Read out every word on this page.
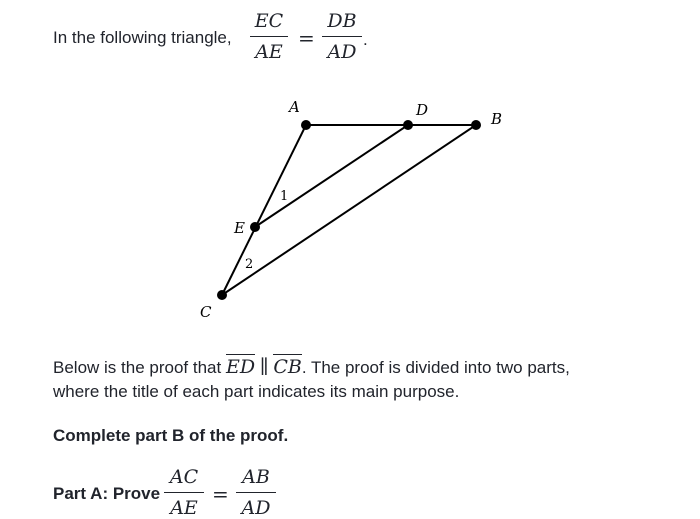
In the following triangle,
EC
AE
=
DB
AD
.
A	D	B
E
C
1
2
Below is the proof that ED ∥ CB. The proof is divided into two parts,
where the title of each part indicates its main purpose.
Complete part B of the proof.
Part A: Prove
AC
AE
=
AB
AD
